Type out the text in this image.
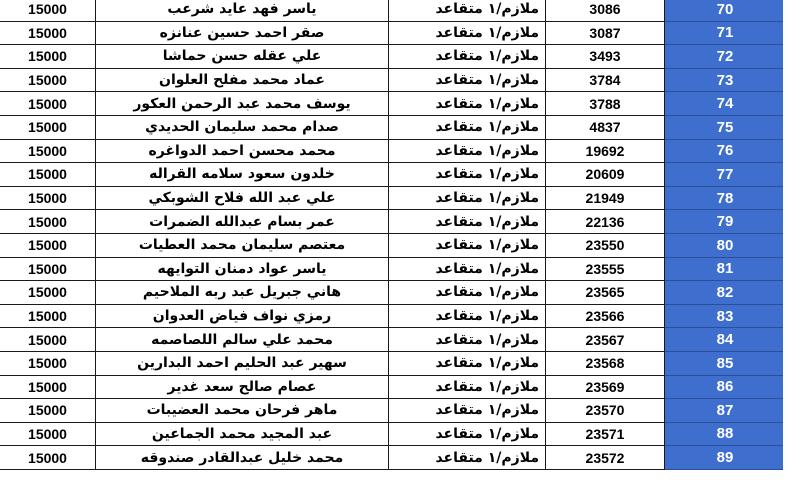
15000	ياسر فهد عايد شرعب	ملازم/١ متقاعد	3086	70
15000	صقر احمد حسين عنانزه	ملازم/١ متقاعد	3087	71
15000	علي عقله حسن حماشا	ملازم/١ متقاعد	3493	72
15000	عماد محمد مفلح العلوان	ملازم/١ متقاعد	3784	73
15000	يوسف محمد عبد الرحمن العكور	ملازم/١ متقاعد	3788	74
15000	صدام محمد سليمان الحديدي	ملازم/١ متقاعد	4837	75
15000	محمد محسن احمد الدواغره	ملازم/١ متقاعد	19692	76
15000	خلدون سعود سلامه القراله	ملازم/١ متقاعد	20609	77
15000	علي عبد الله فلاح الشوبكي	ملازم/١ متقاعد	21949	78
15000	عمر بسام عبدالله الضمرات	ملازم/١ متقاعد	22136	79
15000	معتصم سليمان محمد العطيات	ملازم/١ متقاعد	23550	80
15000	ياسر عواد دمنان التوايهه	ملازم/١ متقاعد	23555	81
15000	هاني جبريل عبد ربه الملاحيم	ملازم/١ متقاعد	23565	82
15000	رمزي نواف فياض العدوان	ملازم/١ متقاعد	23566	83
15000	محمد علي سالم اللصاصمه	ملازم/١ متقاعد	23567	84
15000	سهير عبد الحليم احمد البدارين	ملازم/١ متقاعد	23568	85
15000	عصام صالح سعد غدير	ملازم/١ متقاعد	23569	86
15000	ماهر فرحان محمد العضيبات	ملازم/١ متقاعد	23570	87
15000	عبد المجيد محمد الجماعين	ملازم/١ متقاعد	23571	88
15000	محمد خليل عبدالقادر صندوقه	ملازم/١ متقاعد	23572	89
